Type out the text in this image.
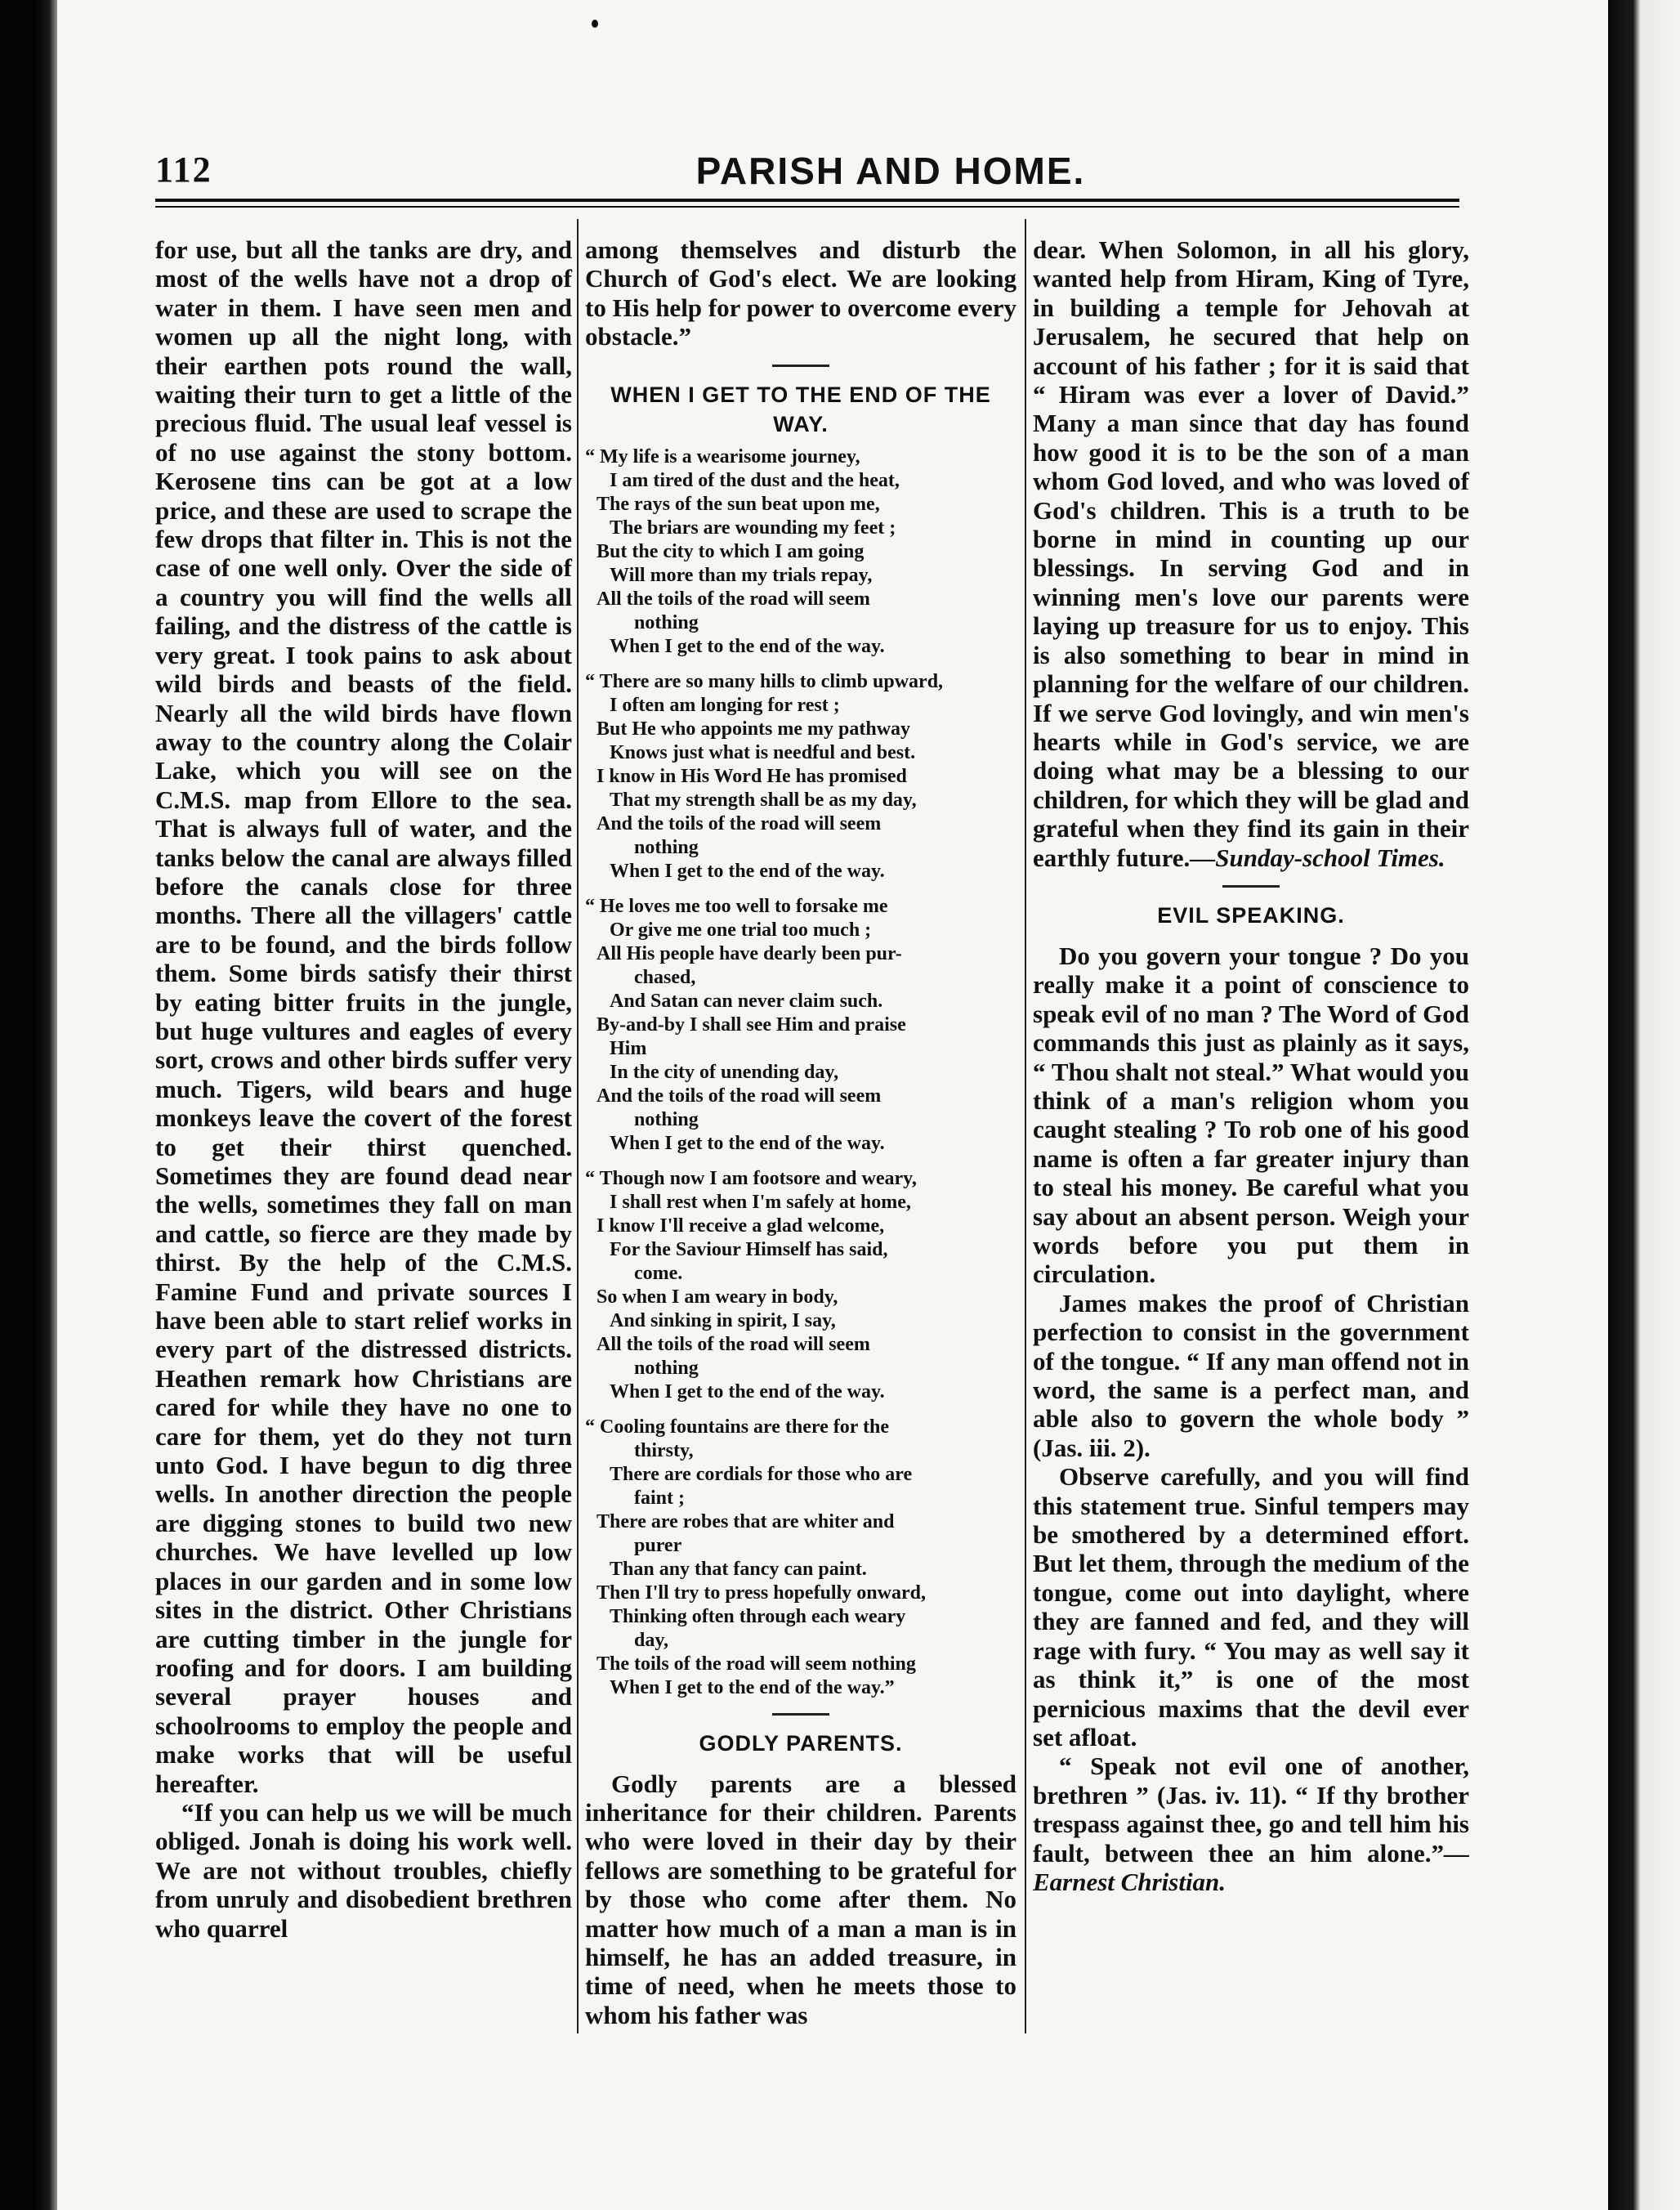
112	PARISH AND HOME.

for use, but all the tanks are dry, and most of the wells have not a drop of water in them. I have seen men and women up all the night long, with their earthen pots round the wall, waiting their turn to get a little of the precious fluid. The usual leaf vessel is of no use against the stony bottom. Kerosene tins can be got at a low price, and these are used to scrape the few drops that filter in. This is not the case of one well only. Over the side of a country you will find the wells all failing, and the distress of the cattle is very great. I took pains to ask about wild birds and beasts of the field. Nearly all the wild birds have flown away to the country along the Colair Lake, which you will see on the C.M.S. map from Ellore to the sea. That is always full of water, and the tanks below the canal are always filled before the canals close for three months. There all the villagers' cattle are to be found, and the birds follow them. Some birds satisfy their thirst by eating bitter fruits in the jungle, but huge vultures and eagles of every sort, crows and other birds suffer very much. Tigers, wild bears and huge monkeys leave the covert of the forest to get their thirst quenched. Sometimes they are found dead near the wells, sometimes they fall on man and cattle, so fierce are they made by thirst. By the help of the C.M.S. Famine Fund and private sources I have been able to start relief works in every part of the distressed districts. Heathen remark how Christians are cared for while they have no one to care for them, yet do they not turn unto God. I have begun to dig three wells. In another direction the people are digging stones to build two new churches. We have levelled up low places in our garden and in some low sites in the district. Other Christians are cutting timber in the jungle for roofing and for doors. I am building several prayer houses and schoolrooms to employ the people and make works that will be useful hereafter.

“If you can help us we will be much obliged. Jonah is doing his work well. We are not without troubles, chiefly from unruly and disobedient brethren who quarrel

among themselves and disturb the Church of God's elect. We are looking to His help for power to overcome every obstacle.”

WHEN I GET TO THE END OF THE WAY.
“ My life is a wearisome journey,
I am tired of the dust and the heat,
The rays of the sun beat upon me,
The briars are wounding my feet ;
But the city to which I am going
Will more than my trials repay,
All the toils of the road will seem
nothing
When I get to the end of the way.
“ There are so many hills to climb upward,
I often am longing for rest ;
But He who appoints me my pathway
Knows just what is needful and best.
I know in His Word He has promised
That my strength shall be as my day,
And the toils of the road will seem
nothing
When I get to the end of the way.
“ He loves me too well to forsake me
Or give me one trial too much ;
All His people have dearly been pur-
chased,
And Satan can never claim such.
By-and-by I shall see Him and praise
Him
In the city of unending day,
And the toils of the road will seem
nothing
When I get to the end of the way.
“ Though now I am footsore and weary,
I shall rest when I'm safely at home,
I know I'll receive a glad welcome,
For the Saviour Himself has said,
come.
So when I am weary in body,
And sinking in spirit, I say,
All the toils of the road will seem
nothing
When I get to the end of the way.
“ Cooling fountains are there for the
thirsty,
There are cordials for those who are
faint ;
There are robes that are whiter and
purer
Than any that fancy can paint.
Then I'll try to press hopefully onward,
Thinking often through each weary
day,
The toils of the road will seem nothing
When I get to the end of the way.”
GODLY PARENTS.

Godly parents are a blessed inheritance for their children. Parents who were loved in their day by their fellows are something to be grateful for by those who come after them. No matter how much of a man a man is in himself, he has an added treasure, in time of need, when he meets those to whom his father was

dear. When Solomon, in all his glory, wanted help from Hiram, King of Tyre, in building a temple for Jehovah at Jerusalem, he secured that help on account of his father ; for it is said that “ Hiram was ever a lover of David.” Many a man since that day has found how good it is to be the son of a man whom God loved, and who was loved of God's children. This is a truth to be borne in mind in counting up our blessings. In serving God and in winning men's love our parents were laying up treasure for us to enjoy. This is also something to bear in mind in planning for the welfare of our children. If we serve God lovingly, and win men's hearts while in God's service, we are doing what may be a blessing to our children, for which they will be glad and grateful when they find its gain in their earthly future.—Sunday-school Times.

EVIL SPEAKING.

Do you govern your tongue ? Do you really make it a point of conscience to speak evil of no man ? The Word of God commands this just as plainly as it says, “ Thou shalt not steal.” What would you think of a man's religion whom you caught stealing ? To rob one of his good name is often a far greater injury than to steal his money. Be careful what you say about an absent person. Weigh your words before you put them in circulation.

James makes the proof of Christian perfection to consist in the government of the tongue. “ If any man offend not in word, the same is a perfect man, and able also to govern the whole body ” (Jas. iii. 2).

Observe carefully, and you will find this statement true. Sinful tempers may be smothered by a determined effort. But let them, through the medium of the tongue, come out into daylight, where they are fanned and fed, and they will rage with fury. “ You may as well say it as think it,” is one of the most pernicious maxims that the devil ever set afloat.

“ Speak not evil one of another, brethren ” (Jas. iv. 11). “ If thy brother trespass against thee, go and tell him his fault, between thee an him alone.”—Earnest Christian.
